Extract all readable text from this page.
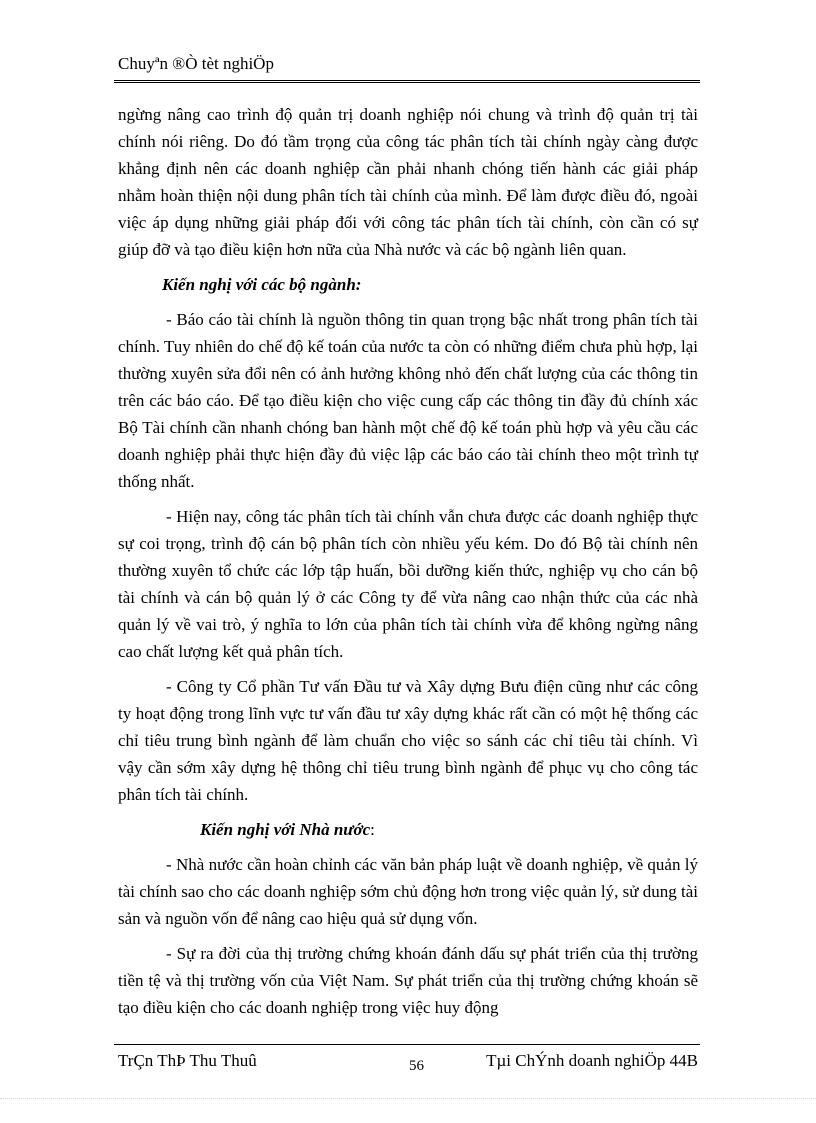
Chuyªn ®Ò tèt nghiÖp

ngừng nâng cao trình độ quản trị doanh nghiệp nói chung và trình độ quản trị tài chính nói riêng. Do đó tầm trọng của công tác phân tích tài chính ngày càng được khẳng định nên các doanh nghiệp cần phải nhanh chóng tiến hành các giải pháp nhằm hoàn thiện nội dung phân tích tài chính của mình. Để làm được điều đó, ngoài việc áp dụng những giải pháp đối với công tác phân tích tài chính, còn cần có sự giúp đỡ và tạo điều kiện hơn nữa của Nhà nước và các bộ ngành liên quan.

Kiến nghị với các bộ ngành:

- Báo cáo tài chính là nguồn thông tin quan trọng bậc nhất trong phân tích tài chính. Tuy nhiên do chế độ kế toán của nước ta còn có những điểm chưa phù hợp, lại thường xuyên sửa đổi nên có ảnh hưởng không nhỏ đến chất lượng của các thông tin trên các báo cáo. Để tạo điều kiện cho việc cung cấp các thông tin đầy đủ chính xác Bộ Tài chính cần nhanh chóng ban hành một chế độ kế toán phù hợp và yêu cầu các doanh nghiệp phải thực hiện đầy đủ việc lập các báo cáo tài chính theo một trình tự thống nhất.

- Hiện nay, công tác phân tích tài chính vẫn chưa được các doanh nghiệp thực sự coi trọng, trình độ cán bộ phân tích còn nhiều yếu kém. Do đó Bộ tài chính nên thường xuyên tổ chức các lớp tập huấn, bồi dưỡng kiến thức, nghiệp vụ cho cán bộ tài chính và cán bộ quản lý ở các Công ty để vừa nâng cao nhận thức của các nhà quản lý về vai trò, ý nghĩa to lớn của phân tích tài chính vừa để không ngừng nâng cao chất lượng kết quả phân tích.

- Công ty Cổ phần Tư vấn Đầu tư và Xây dựng Bưu điện cũng như các công ty hoạt động trong lĩnh vực tư vấn đầu tư xây dựng khác rất cần có một hệ thống các chỉ tiêu trung bình ngành để làm chuẩn cho việc so sánh các chỉ tiêu tài chính. Vì vậy cần sớm xây dựng hệ thông chỉ tiêu trung bình ngành để phục vụ cho công tác phân tích tài chính.

Kiến nghị với Nhà nước:

- Nhà nước cần hoàn chỉnh các văn bản pháp luật về doanh nghiệp, về quản lý tài chính sao cho các doanh nghiệp sớm chủ động hơn trong việc quản lý, sử dung tài sản và nguồn vốn để nâng cao hiệu quả sử dụng vốn.

- Sự ra đời của thị trường chứng khoán đánh dấu sự phát triển của thị trường tiền tệ và thị trường vốn của Việt Nam. Sự phát triển của thị trường chứng khoán sẽ tạo điều kiện cho các doanh nghiệp trong việc huy động

TrÇn ThÞ Thu Thuû	56	Tµi ChÝnh doanh nghiÖp 44B
